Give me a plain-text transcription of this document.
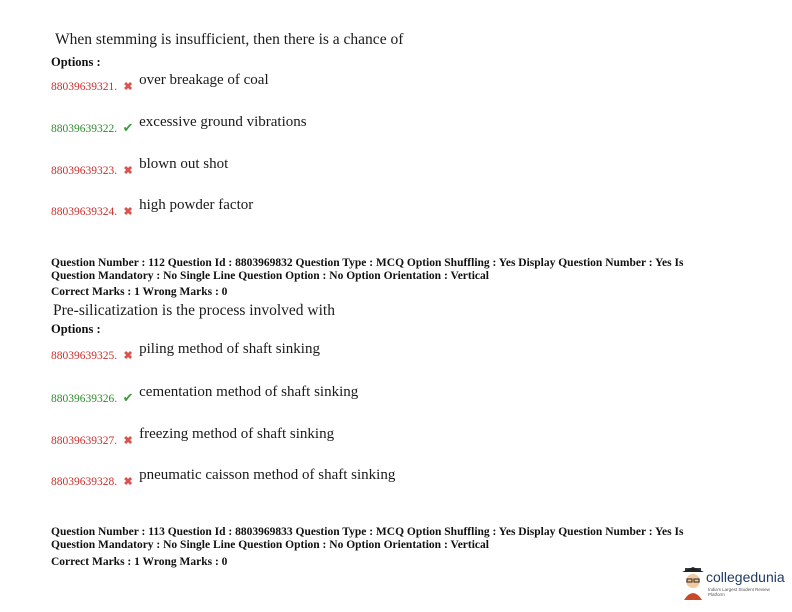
When stemming is insufficient, then there is a chance of
Options :
88039639321. ✖ over breakage of coal
88039639322. ✔ excessive ground vibrations
88039639323. ✖ blown out shot
88039639324. ✖ high powder factor
Question Number : 112 Question Id : 8803969832 Question Type : MCQ Option Shuffling : Yes Display Question Number : Yes Is
Question Mandatory : No Single Line Question Option : No Option Orientation : Vertical
Correct Marks : 1 Wrong Marks : 0
Pre-silicatization is the process involved with
Options :
88039639325. ✖ piling method of shaft sinking
88039639326. ✔ cementation method of shaft sinking
88039639327. ✖ freezing method of shaft sinking
88039639328. ✖ pneumatic caisson method of shaft sinking
Question Number : 113 Question Id : 8803969833 Question Type : MCQ Option Shuffling : Yes Display Question Number : Yes Is
Question Mandatory : No Single Line Question Option : No Option Orientation : Vertical
Correct Marks : 1 Wrong Marks : 0
collegedunia
India's Largest Student Review Platform
